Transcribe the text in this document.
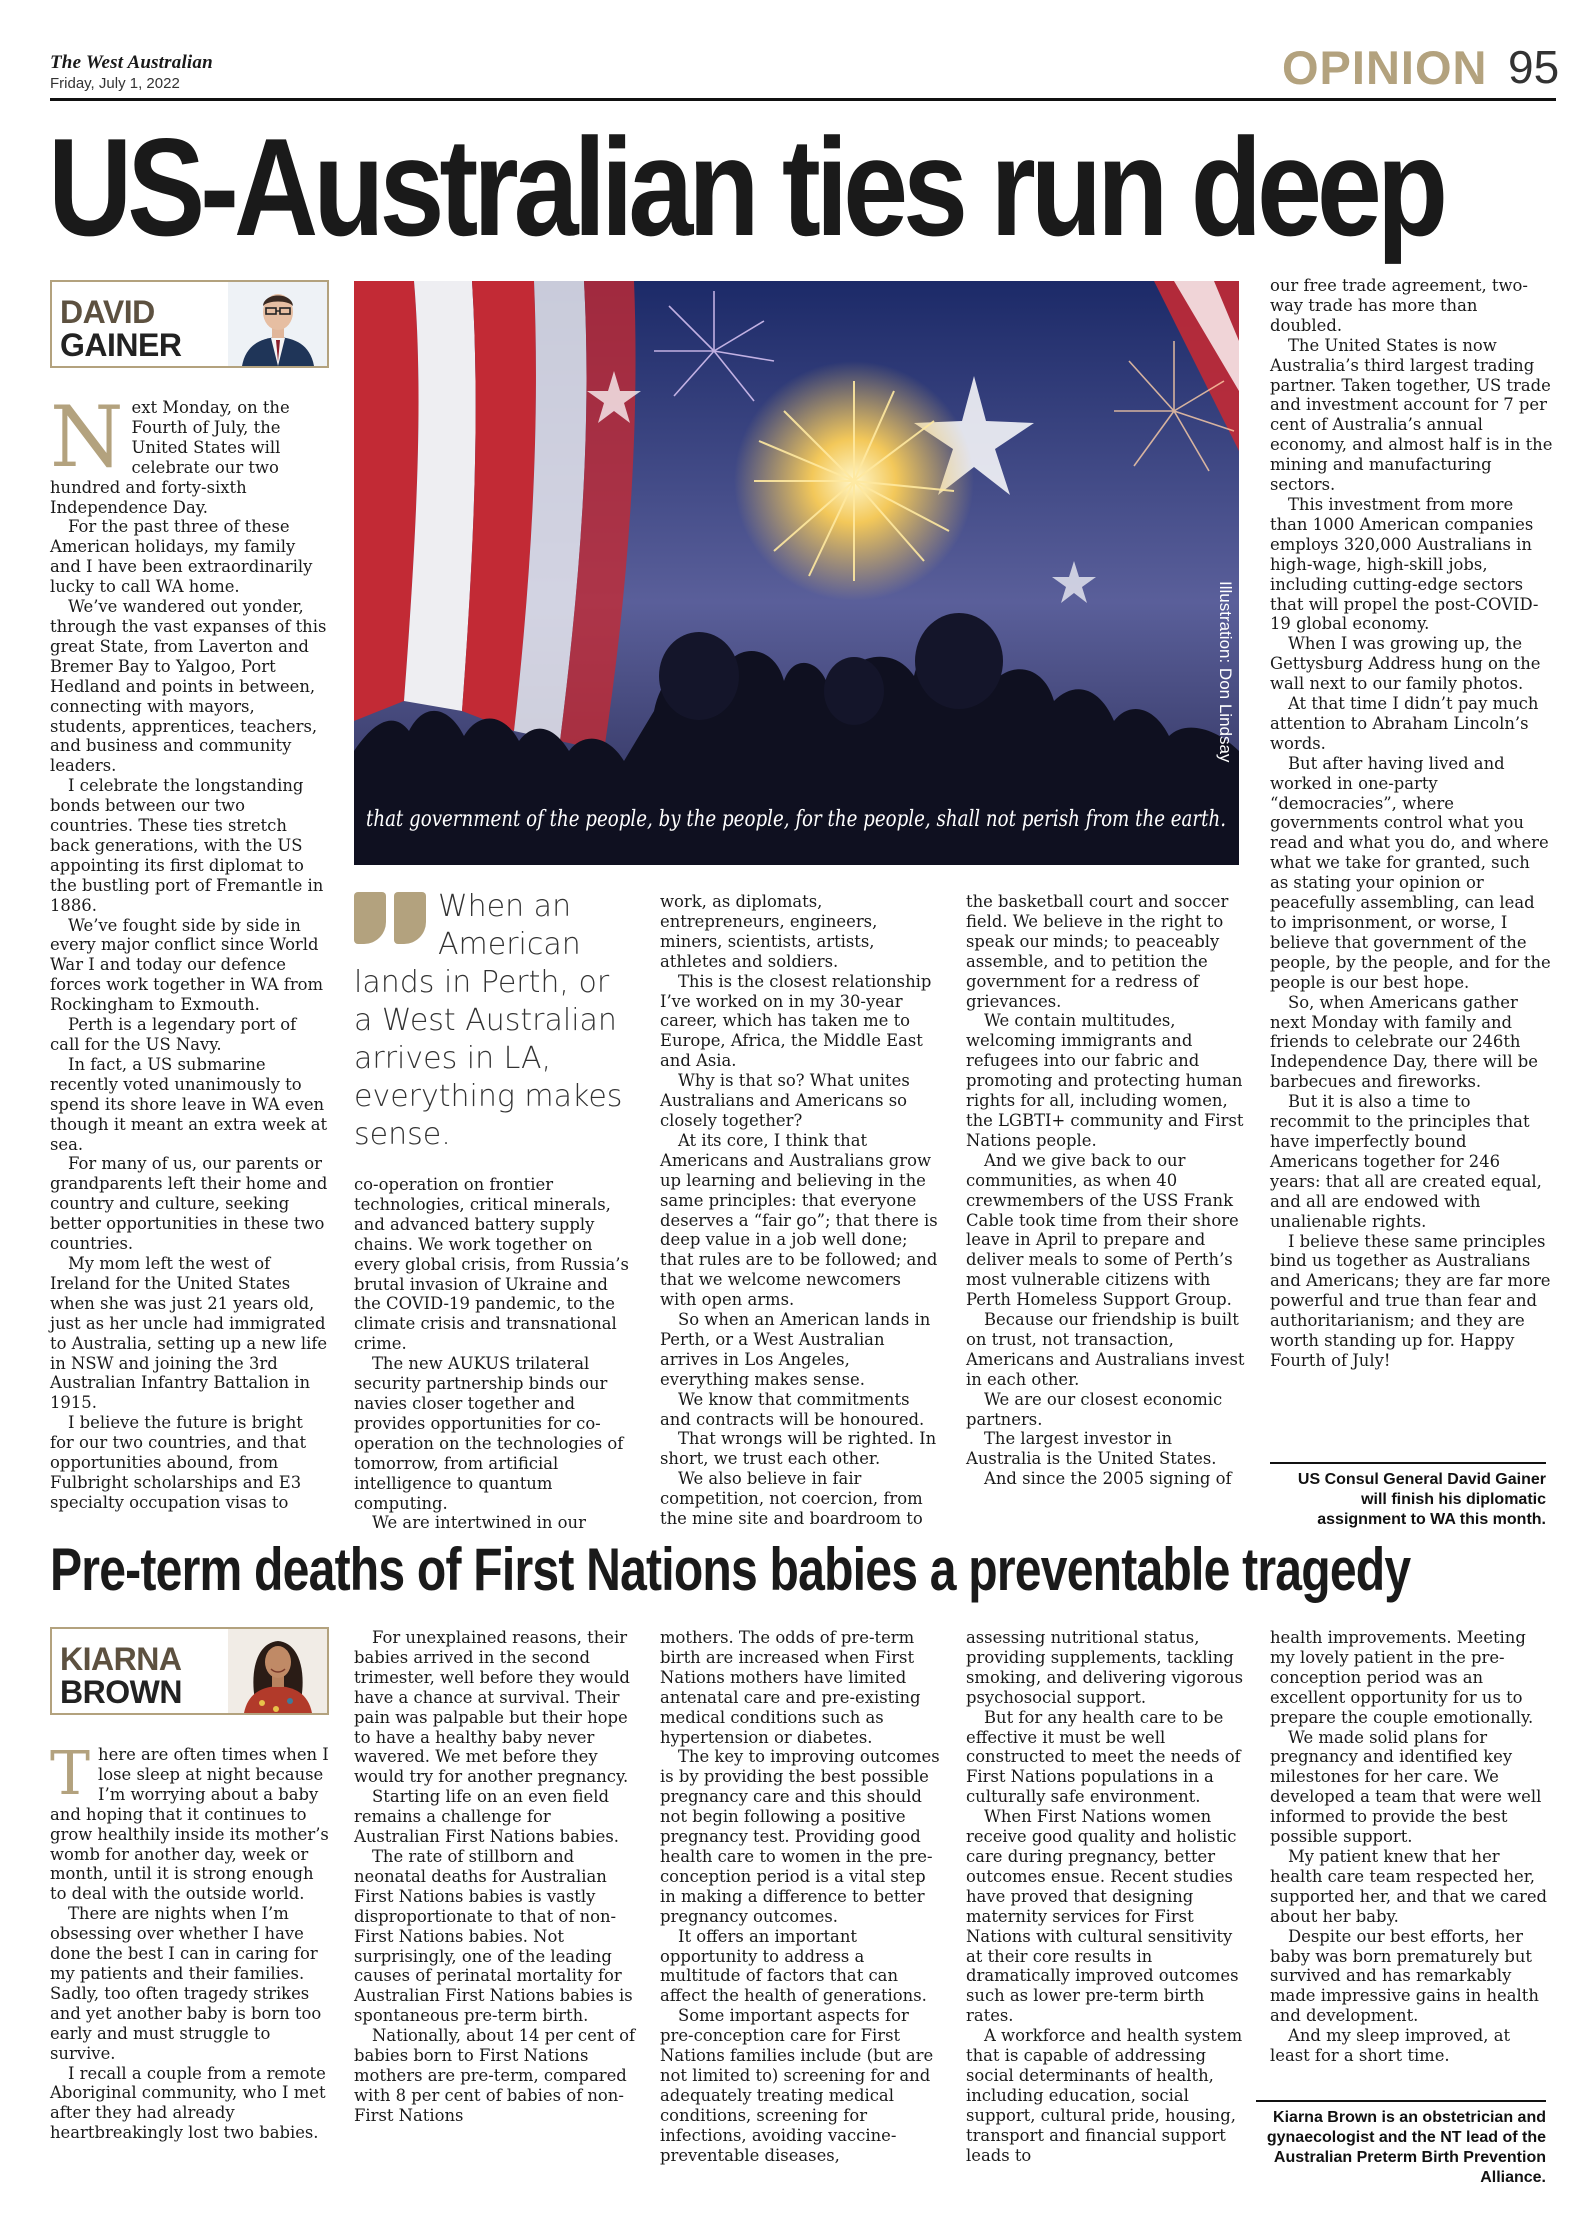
The West Australian
Friday, July 1, 2022	OPINION 95
US-Australian ties run deep
DAVID
GAINER
Illustration: Don Lindsay
that government of the people, by the people, for the people, shall not perish from the earth.

Next Monday, on the Fourth of July, the United States will celebrate our two hundred and forty-sixth Independence Day.

For the past three of these American holidays, my family and I have been extraordinarily lucky to call WA home.

We’ve wandered out yonder, through the vast expanses of this great State, from Laverton and Bremer Bay to Yalgoo, Port Hedland and points in between, connecting with mayors, students, apprentices, teachers, and business and community leaders.

I celebrate the longstanding bonds between our two countries. These ties stretch back generations, with the US appointing its first diplomat to the bustling port of Fremantle in 1886.

We’ve fought side by side in every major conflict since World War I and today our defence forces work together in WA from Rockingham to Exmouth.

Perth is a legendary port of call for the US Navy.

In fact, a US submarine recently voted unanimously to spend its shore leave in WA even though it meant an extra week at sea.

For many of us, our parents or grandparents left their home and country and culture, seeking better opportunities in these two countries.

My mom left the west of Ireland for the United States when she was just 21 years old, just as her uncle had immigrated to Australia, setting up a new life in NSW and joining the 3rd Australian Infantry Battalion in 1915.

I believe the future is bright for our two countries, and that opportunities abound, from Fulbright scholarships and E3 specialty occupation visas to

When an American lands in Perth, or a West Australian arrives in LA, everything makes sense.

co-operation on frontier technologies, critical minerals, and advanced battery supply chains. We work together on every global crisis, from Russia’s brutal invasion of Ukraine and the COVID-19 pandemic, to the climate crisis and transnational crime.

The new AUKUS trilateral security partnership binds our navies closer together and provides opportunities for co-operation on the technologies of tomorrow, from artificial intelligence to quantum computing.

We are intertwined in our

work, as diplomats, entrepreneurs, engineers, miners, scientists, artists, athletes and soldiers.

This is the closest relationship I’ve worked on in my 30-year career, which has taken me to Europe, Africa, the Middle East and Asia.

Why is that so? What unites Australians and Americans so closely together?

At its core, I think that Americans and Australians grow up learning and believing in the same principles: that everyone deserves a “fair go”; that there is deep value in a job well done; that rules are to be followed; and that we welcome newcomers with open arms.

So when an American lands in Perth, or a West Australian arrives in Los Angeles, everything makes sense.

We know that commitments and contracts will be honoured.

That wrongs will be righted. In short, we trust each other.

We also believe in fair competition, not coercion, from the mine site and boardroom to

the basketball court and soccer field. We believe in the right to speak our minds; to peaceably assemble, and to petition the government for a redress of grievances.

We contain multitudes, welcoming immigrants and refugees into our fabric and promoting and protecting human rights for all, including women, the LGBTI+ community and First Nations people.

And we give back to our communities, as when 40 crewmembers of the USS Frank Cable took time from their shore leave in April to prepare and deliver meals to some of Perth’s most vulnerable citizens with Perth Homeless Support Group.

Because our friendship is built on trust, not transaction, Americans and Australians invest in each other.

We are our closest economic partners.

The largest investor in Australia is the United States.

And since the 2005 signing of

our free trade agreement, two-way trade has more than doubled.

The United States is now Australia’s third largest trading partner. Taken together, US trade and investment account for 7 per cent of Australia’s annual economy, and almost half is in the mining and manufacturing sectors.

This investment from more than 1000 American companies employs 320,000 Australians in high-wage, high-skill jobs, including cutting-edge sectors that will propel the post-COVID-19 global economy.

When I was growing up, the Gettysburg Address hung on the wall next to our family photos.

At that time I didn’t pay much attention to Abraham Lincoln’s words.

But after having lived and worked in one-party “democracies”, where governments control what you read and what you do, and where what we take for granted, such as stating your opinion or peacefully assembling, can lead to imprisonment, or worse, I believe that government of the people, by the people, and for the people is our best hope.

So, when Americans gather next Monday with family and friends to celebrate our 246th Independence Day, there will be barbecues and fireworks.

But it is also a time to recommit to the principles that have imperfectly bound Americans together for 246 years: that all are created equal, and all are endowed with unalienable rights.

I believe these same principles bind us together as Australians and Americans; they are far more powerful and true than fear and authoritarianism; and they are worth standing up for. Happy Fourth of July!

US Consul General David Gainer will finish his diplomatic assignment to WA this month.
Pre-term deaths of First Nations babies a preventable tragedy
KIARNA
BROWN

There are often times when I lose sleep at night because I’m worrying about a baby and hoping that it continues to grow healthily inside its mother’s womb for another day, week or month, until it is strong enough to deal with the outside world.

There are nights when I’m obsessing over whether I have done the best I can in caring for my patients and their families. Sadly, too often tragedy strikes and yet another baby is born too early and must struggle to survive.

I recall a couple from a remote Aboriginal community, who I met after they had already heartbreakingly lost two babies.

For unexplained reasons, their babies arrived in the second trimester, well before they would have a chance at survival. Their pain was palpable but their hope to have a healthy baby never wavered. We met before they would try for another pregnancy.

Starting life on an even field remains a challenge for Australian First Nations babies.

The rate of stillborn and neonatal deaths for Australian First Nations babies is vastly disproportionate to that of non-First Nations babies. Not surprisingly, one of the leading causes of perinatal mortality for Australian First Nations babies is spontaneous pre-term birth.

Nationally, about 14 per cent of babies born to First Nations mothers are pre-term, compared with 8 per cent of babies of non-First Nations

mothers. The odds of pre-term birth are increased when First Nations mothers have limited antenatal care and pre-existing medical conditions such as hypertension or diabetes.

The key to improving outcomes is by providing the best possible pregnancy care and this should not begin following a positive pregnancy test. Providing good health care to women in the pre-conception period is a vital step in making a difference to better pregnancy outcomes.

It offers an important opportunity to address a multitude of factors that can affect the health of generations.

Some important aspects for pre-conception care for First Nations families include (but are not limited to) screening for and adequately treating medical conditions, screening for infections, avoiding vaccine-preventable diseases,

assessing nutritional status, providing supplements, tackling smoking, and delivering vigorous psychosocial support.

But for any health care to be effective it must be well constructed to meet the needs of First Nations populations in a culturally safe environment.

When First Nations women receive good quality and holistic care during pregnancy, better outcomes ensue. Recent studies have proved that designing maternity services for First Nations with cultural sensitivity at their core results in dramatically improved outcomes such as lower pre-term birth rates.

A workforce and health system that is capable of addressing social determinants of health, including education, social support, cultural pride, housing, transport and financial support leads to

health improvements. Meeting my lovely patient in the pre-conception period was an excellent opportunity for us to prepare the couple emotionally.

We made solid plans for pregnancy and identified key milestones for her care. We developed a team that were well informed to provide the best possible support.

My patient knew that her health care team respected her, supported her, and that we cared about her baby.

Despite our best efforts, her baby was born prematurely but survived and has remarkably made impressive gains in health and development.

And my sleep improved, at least for a short time.

Kiarna Brown is an obstetrician and gynaecologist and the NT lead of the Australian Preterm Birth Prevention Alliance.
